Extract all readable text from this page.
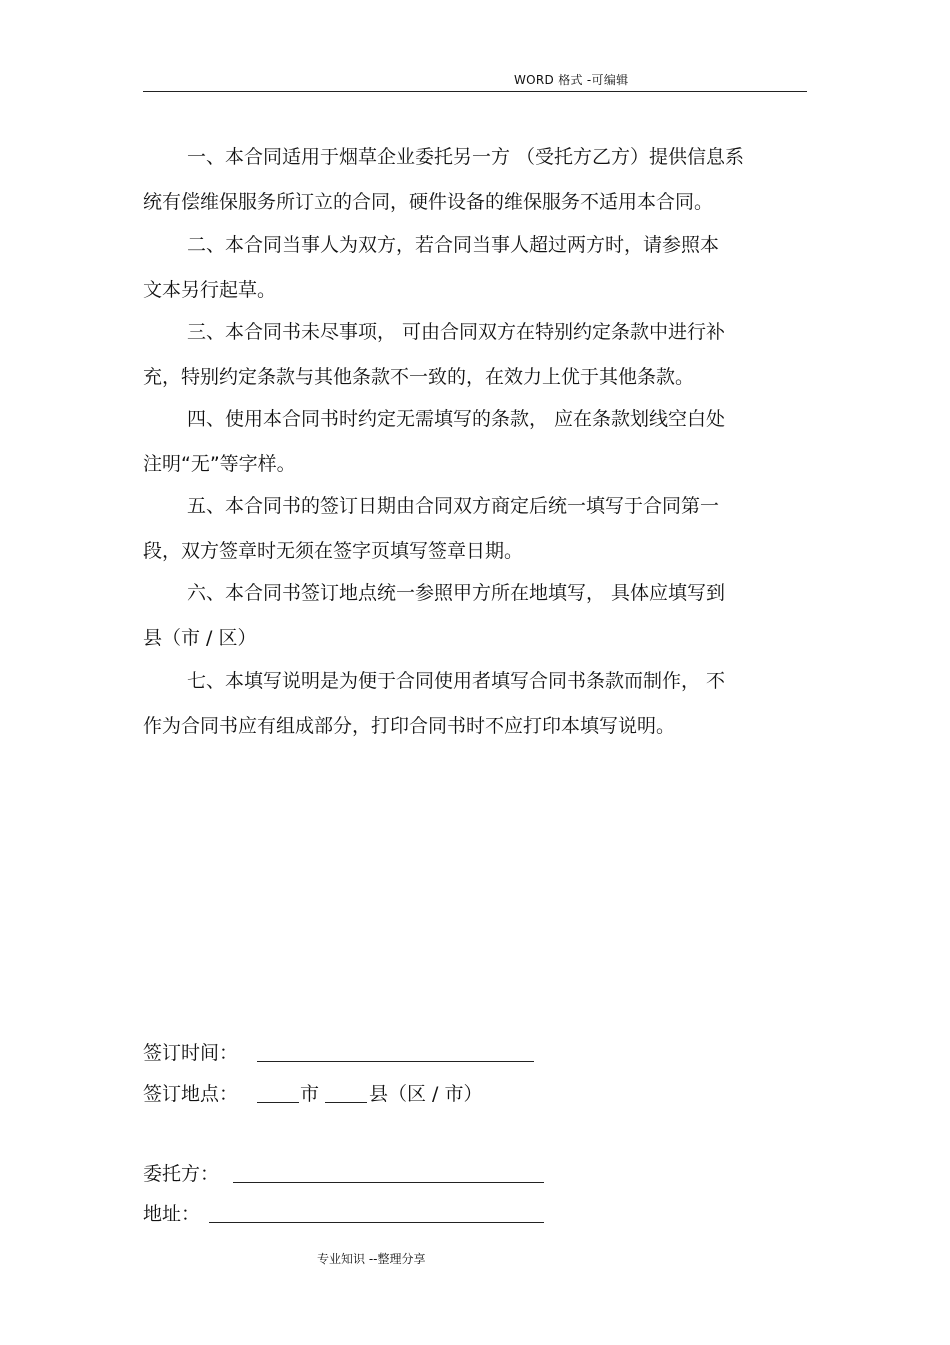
WORD 格式 -可编辑
一、本合同适用于烟草企业委托另一方 （受托方乙方）提供信息系
统有偿维保服务所订立的合同，硬件设备的维保服务不适用本合同。
二、本合同当事人为双方，若合同当事人超过两方时，请参照本
文本另行起草。
三、本合同书未尽事项， 可由合同双方在特别约定条款中进行补
充，特别约定条款与其他条款不一致的，在效力上优于其他条款。
四、使用本合同书时约定无需填写的条款， 应在条款划线空白处
注明“无”等字样。
五、本合同书的签订日期由合同双方商定后统一填写于合同第一
段，双方签章时无须在签字页填写签章日期。
六、本合同书签订地点统一参照甲方所在地填写， 具体应填写到
县（市 / 区）
七、本填写说明是为便于合同使用者填写合同书条款而制作， 不
作为合同书应有组成部分，打印合同书时不应打印本填写说明。
签订时间：
签订地点：	市	县（区 / 市）
委托方：
地址：
专业知识 --整理分享
